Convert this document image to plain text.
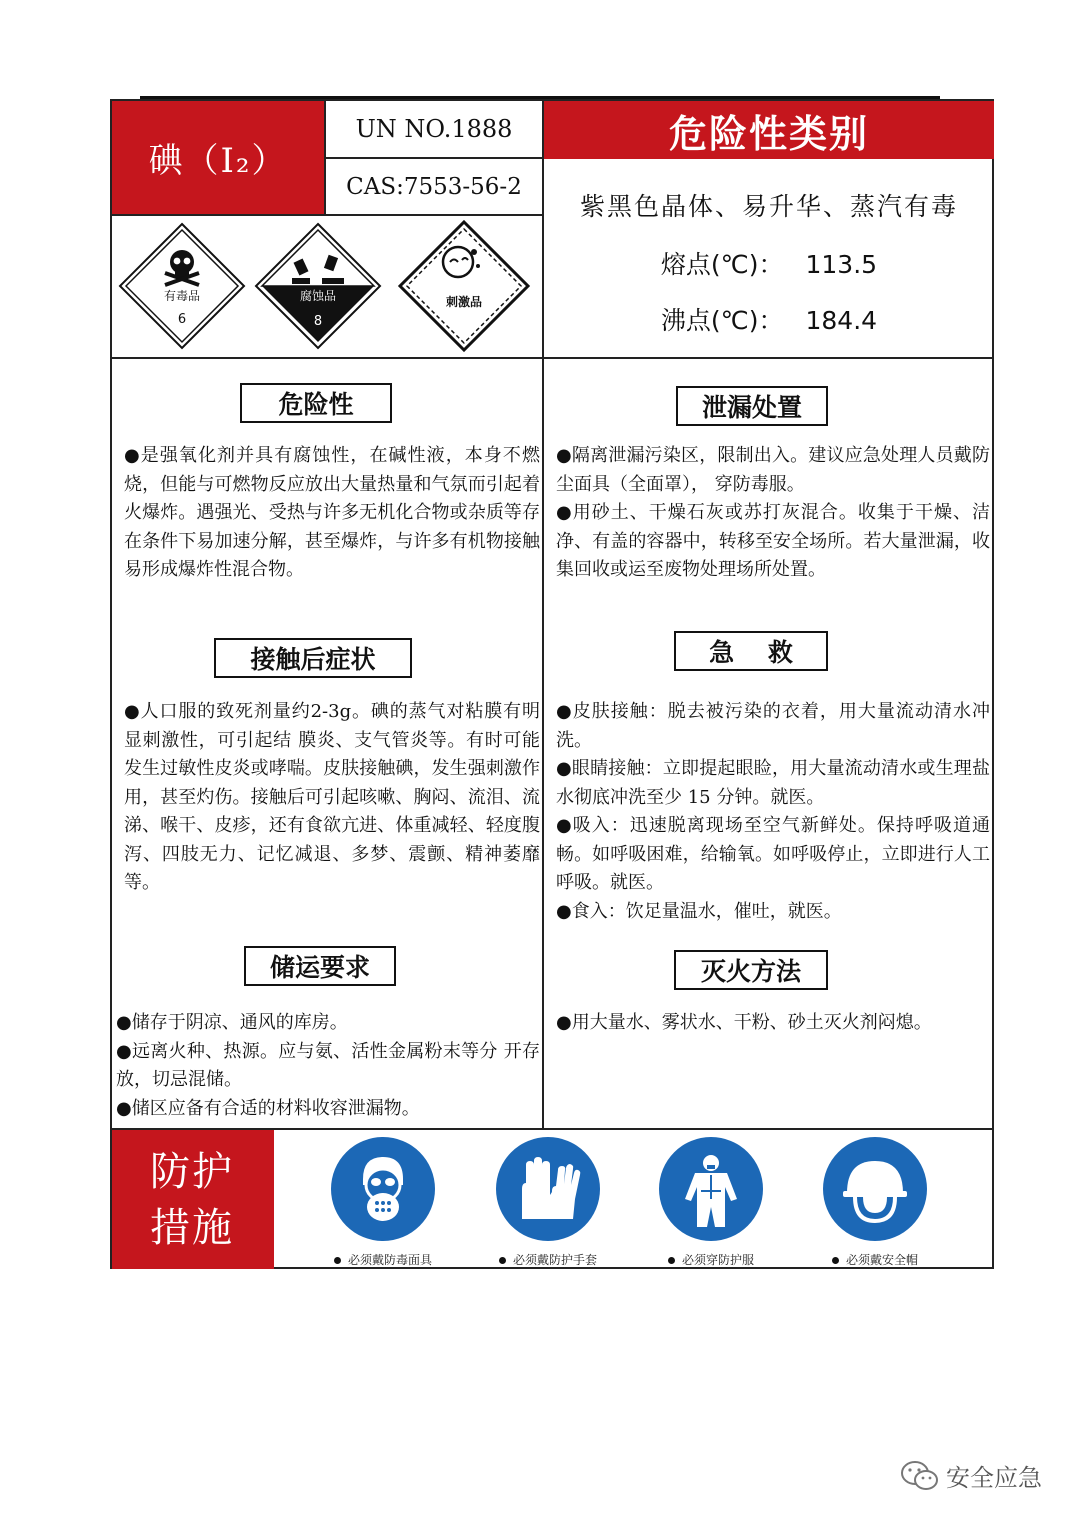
碘（I₂）
UN NO.1888
CAS:7553-56-2
危险性类别
紫黑色晶体、易升华、蒸汽有毒
熔点(℃)： 113.5
沸点(℃)： 184.4
有毒品
6
腐蚀品
8
刺激品
危险性

●是强氧化剂并具有腐蚀性，在碱性液，本身不燃烧，但能与可燃物反应放出大量热量和气氛而引起着火爆炸。遇强光、受热与许多无机化合物或杂质等存在条件下易加速分解，甚至爆炸，与许多有机物接触易形成爆炸性混合物。

接触后症状

●人口服的致死剂量约2-3g。碘的蒸气对粘膜有明显刺激性，可引起结 膜炎、支气管炎等。有时可能发生过敏性皮炎或哮喘。皮肤接触碘，发生强刺激作用，甚至灼伤。接触后可引起咳嗽、胸闷、流泪、流涕、喉干、皮疹，还有食欲亢进、体重减轻、轻度腹泻、四肢无力、记忆减退、多梦、震颤、精神萎靡等。

储运要求

●储存于阴凉、通风的库房。

●远离火种、热源。应与氨、活性金属粉末等分 开存放，切忌混储。

●储区应备有合适的材料收容泄漏物。

泄漏处置

●隔离泄漏污染区，限制出入。建议应急处理人员戴防尘面具（全面罩）， 穿防毒服。

●用砂土、干燥石灰或苏打灰混合。收集于干燥、洁净、有盖的容器中，转移至安全场所。若大量泄漏，收集回收或运至废物处理场所处置。

急　 救

●皮肤接触：脱去被污染的衣着，用大量流动清水冲洗。

●眼睛接触：立即提起眼睑，用大量流动清水或生理盐水彻底冲洗至少 15 分钟。就医。

●吸入：迅速脱离现场至空气新鲜处。保持呼吸道通畅。如呼吸困难，给输氧。如呼吸停止，立即进行人工呼吸。就医。

●食入：饮足量温水，催吐，就医。

灭火方法

●用大量水、雾状水、干粉、砂土灭火剂闷熄。

防护
措施
必须戴防毒面具	必须戴防护手套	必须穿防护服	必须戴安全帽
安全应急
